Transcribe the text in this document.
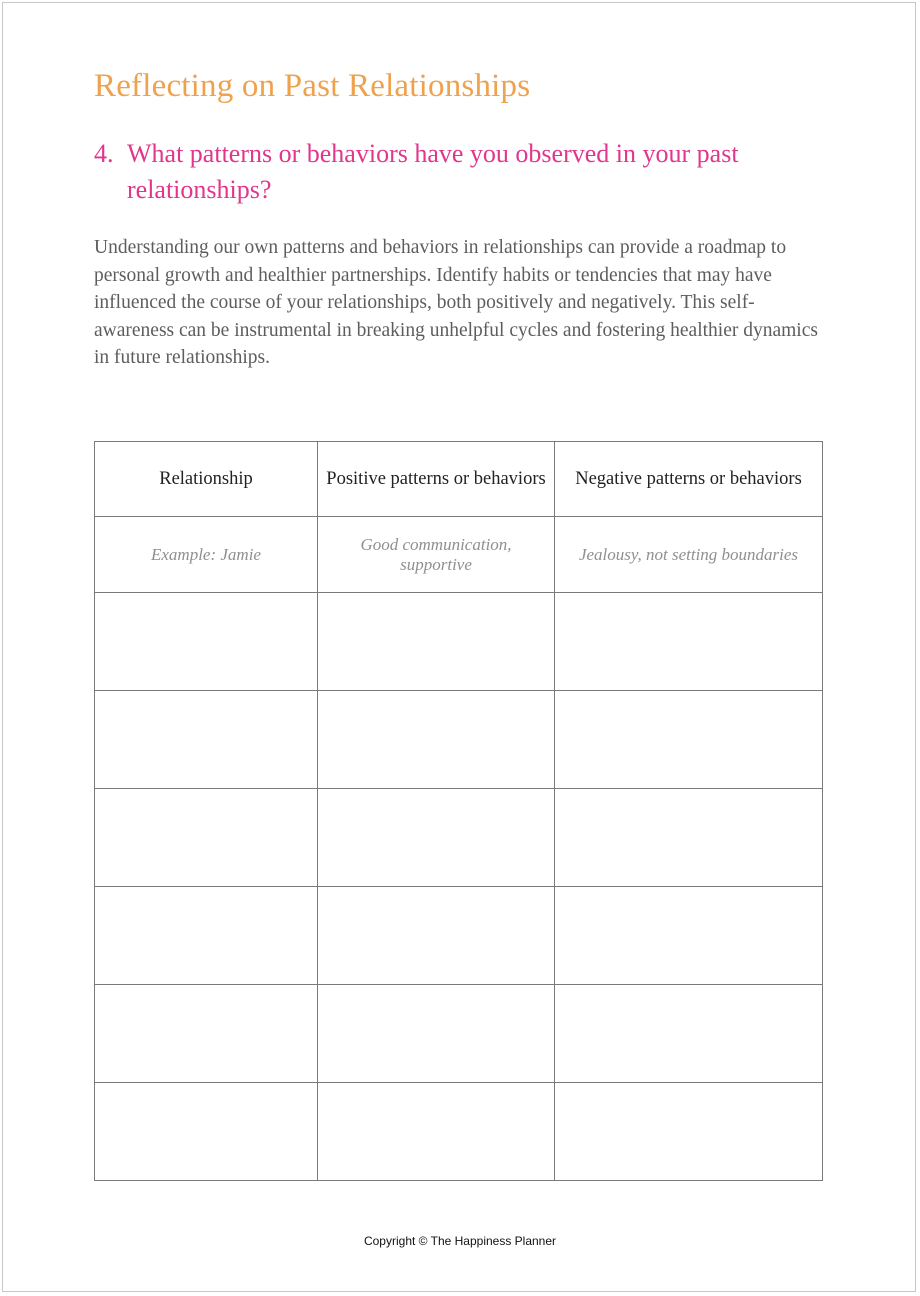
Reflecting on Past Relationships
4. What patterns or behaviors have you observed in your past relationships?

Understanding our own patterns and behaviors in relationships can provide a roadmap to personal growth and healthier partnerships. Identify habits or tendencies that may have influenced the course of your relationships, both positively and negatively. This self-awareness can be instrumental in breaking unhelpful cycles and fostering healthier dynamics in future relationships.

Relationship	Positive patterns or behaviors	Negative patterns or behaviors
Example: Jamie	Good communication, supportive	Jealousy, not setting boundaries

Copyright © The Happiness Planner
